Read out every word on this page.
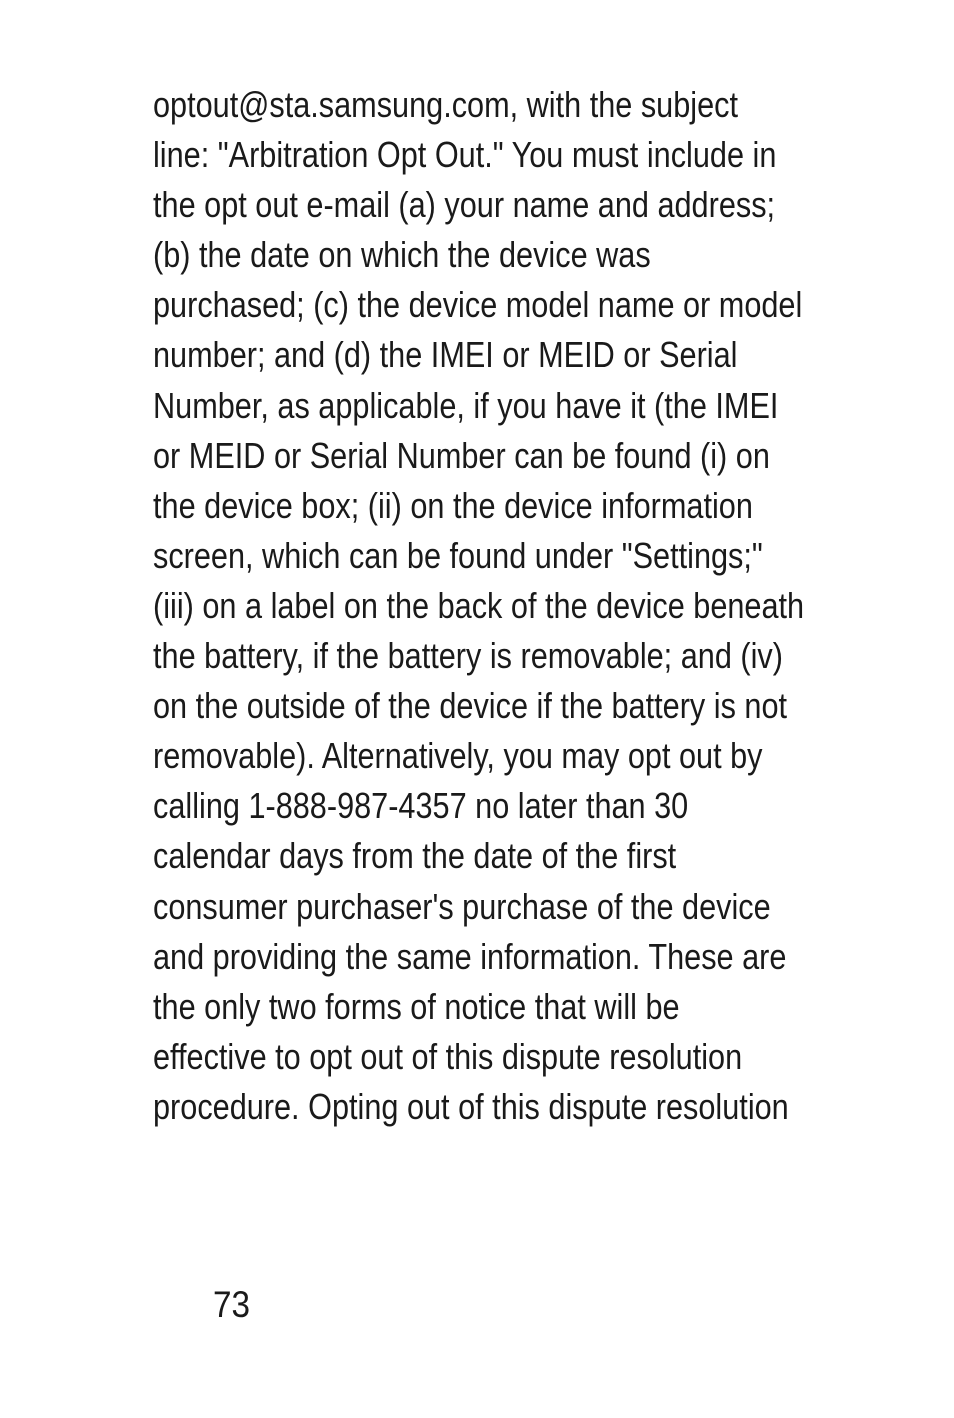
optout@sta.samsung.com, with the subject
line: "Arbitration Opt Out." You must include in
the opt out e-mail (a) your name and address;
(b) the date on which the device was
purchased; (c) the device model name or model
number; and (d) the IMEI or MEID or Serial
Number, as applicable, if you have it (the IMEI
or MEID or Serial Number can be found (i) on
the device box; (ii) on the device information
screen, which can be found under "Settings;"
(iii) on a label on the back of the device beneath
the battery, if the battery is removable; and (iv)
on the outside of the device if the battery is not
removable). Alternatively, you may opt out by
calling 1-888-987-4357 no later than 30
calendar days from the date of the first
consumer purchaser's purchase of the device
and providing the same information. These are
the only two forms of notice that will be
effective to opt out of this dispute resolution
procedure. Opting out of this dispute resolution

73
